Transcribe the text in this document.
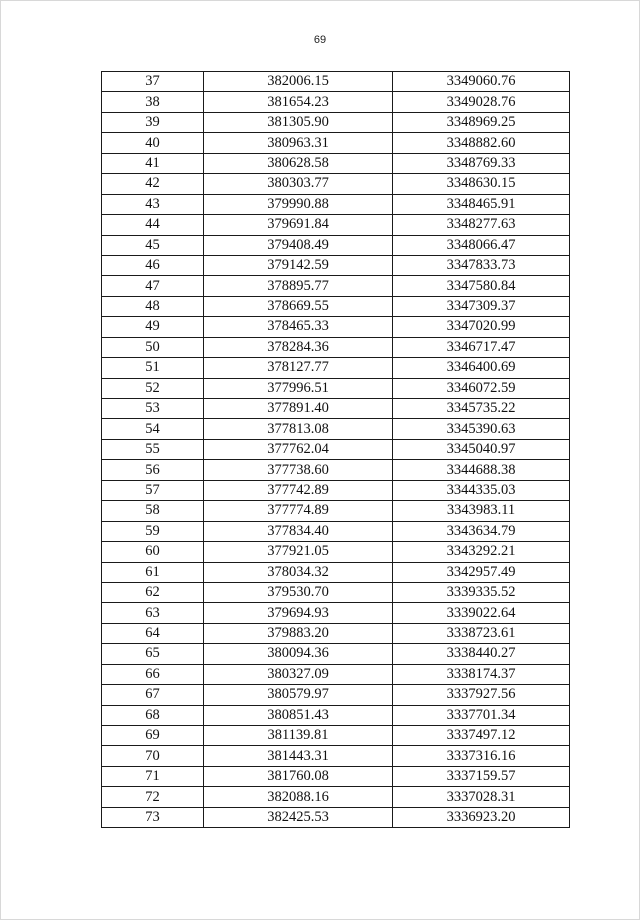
69
37	382006.15	3349060.76
38	381654.23	3349028.76
39	381305.90	3348969.25
40	380963.31	3348882.60
41	380628.58	3348769.33
42	380303.77	3348630.15
43	379990.88	3348465.91
44	379691.84	3348277.63
45	379408.49	3348066.47
46	379142.59	3347833.73
47	378895.77	3347580.84
48	378669.55	3347309.37
49	378465.33	3347020.99
50	378284.36	3346717.47
51	378127.77	3346400.69
52	377996.51	3346072.59
53	377891.40	3345735.22
54	377813.08	3345390.63
55	377762.04	3345040.97
56	377738.60	3344688.38
57	377742.89	3344335.03
58	377774.89	3343983.11
59	377834.40	3343634.79
60	377921.05	3343292.21
61	378034.32	3342957.49
62	379530.70	3339335.52
63	379694.93	3339022.64
64	379883.20	3338723.61
65	380094.36	3338440.27
66	380327.09	3338174.37
67	380579.97	3337927.56
68	380851.43	3337701.34
69	381139.81	3337497.12
70	381443.31	3337316.16
71	381760.08	3337159.57
72	382088.16	3337028.31
73	382425.53	3336923.20
